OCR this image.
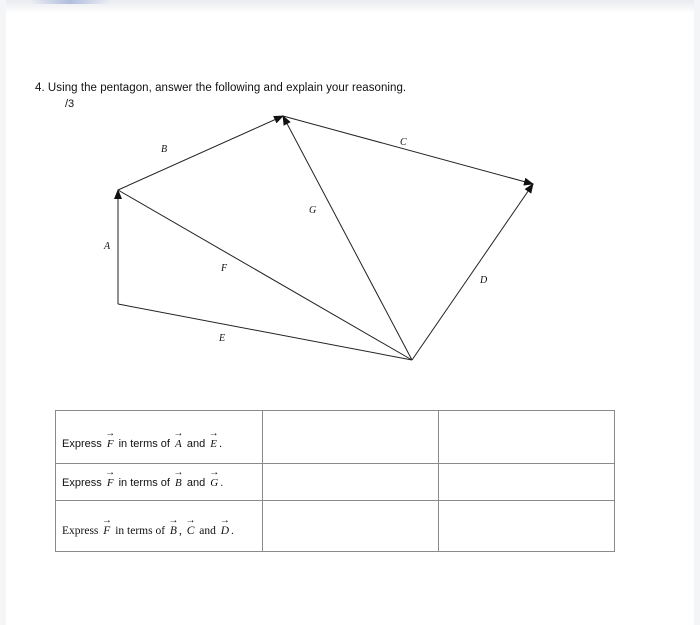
4. Using the pentagon, answer the following and explain your reasoning.
/3
A
B
C
D
E
F
G
$_{Express \to F in terms of \to A and \to E .}$		
Express → F in terms of → B and → G .		
$_{Express \to F in terms of \to B , \to C and \to D .}$		
